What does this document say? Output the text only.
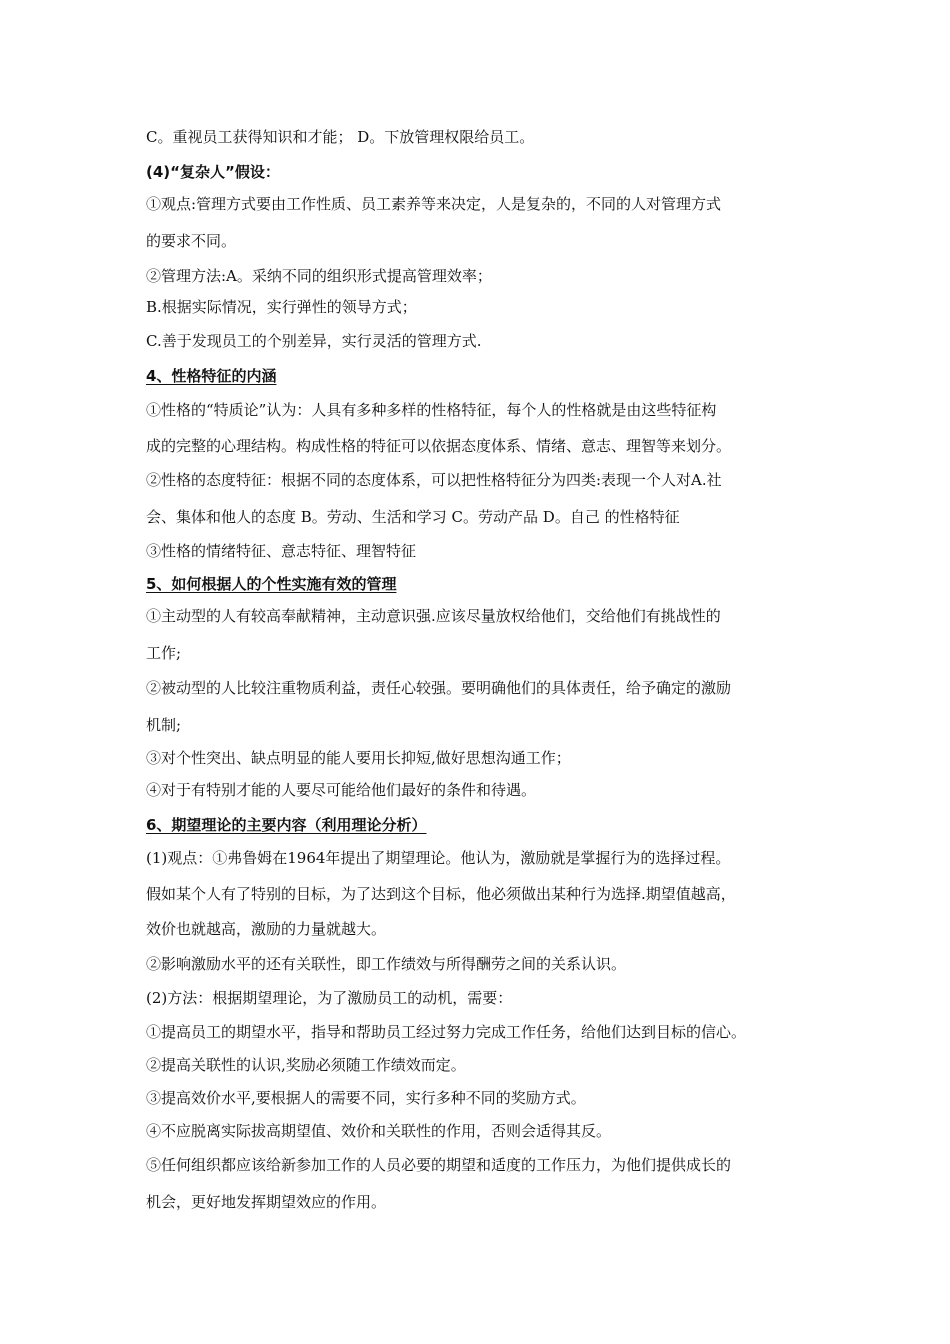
C。重视员工获得知识和才能； D。下放管理权限给员工。
(4)“复杂人”假设：
①观点:管理方式要由工作性质、员工素养等来决定，人是复杂的，不同的人对管理方式
的要求不同。
②管理方法:A。采纳不同的组织形式提高管理效率；
B.根据实际情况，实行弹性的领导方式；
C.善于发现员工的个别差异，实行灵活的管理方式.
4、性格特征的内涵
①性格的“特质论”认为：人具有多种多样的性格特征，每个人的性格就是由这些特征构
成的完整的心理结构。构成性格的特征可以依据态度体系、情绪、意志、理智等来划分。
②性格的态度特征：根据不同的态度体系，可以把性格特征分为四类:表现一个人对A.社
会、集体和他人的态度 B。劳动、生活和学习 C。劳动产品 D。自己 的性格特征
③性格的情绪特征、意志特征、理智特征
5、如何根据人的个性实施有效的管理
①主动型的人有较高奉献精神，主动意识强.应该尽量放权给他们，交给他们有挑战性的
工作;
②被动型的人比较注重物质利益，责任心较强。要明确他们的具体责任，给予确定的激励
机制;
③对个性突出、缺点明显的能人要用长抑短,做好思想沟通工作；
④对于有特别才能的人要尽可能给他们最好的条件和待遇。
6、期望理论的主要内容（利用理论分析）
(1)观点：①弗鲁姆在1964年提出了期望理论。他认为，激励就是掌握行为的选择过程。
假如某个人有了特别的目标，为了达到这个目标，他必须做出某种行为选择.期望值越高，
效价也就越高，激励的力量就越大。
②影响激励水平的还有关联性，即工作绩效与所得酬劳之间的关系认识。
(2)方法：根据期望理论，为了激励员工的动机，需要：
①提高员工的期望水平，指导和帮助员工经过努力完成工作任务，给他们达到目标的信心。
②提高关联性的认识,奖励必须随工作绩效而定。
③提高效价水平,要根据人的需要不同，实行多种不同的奖励方式。
④不应脱离实际拔高期望值、效价和关联性的作用，否则会适得其反。
⑤任何组织都应该给新参加工作的人员必要的期望和适度的工作压力，为他们提供成长的
机会，更好地发挥期望效应的作用。
